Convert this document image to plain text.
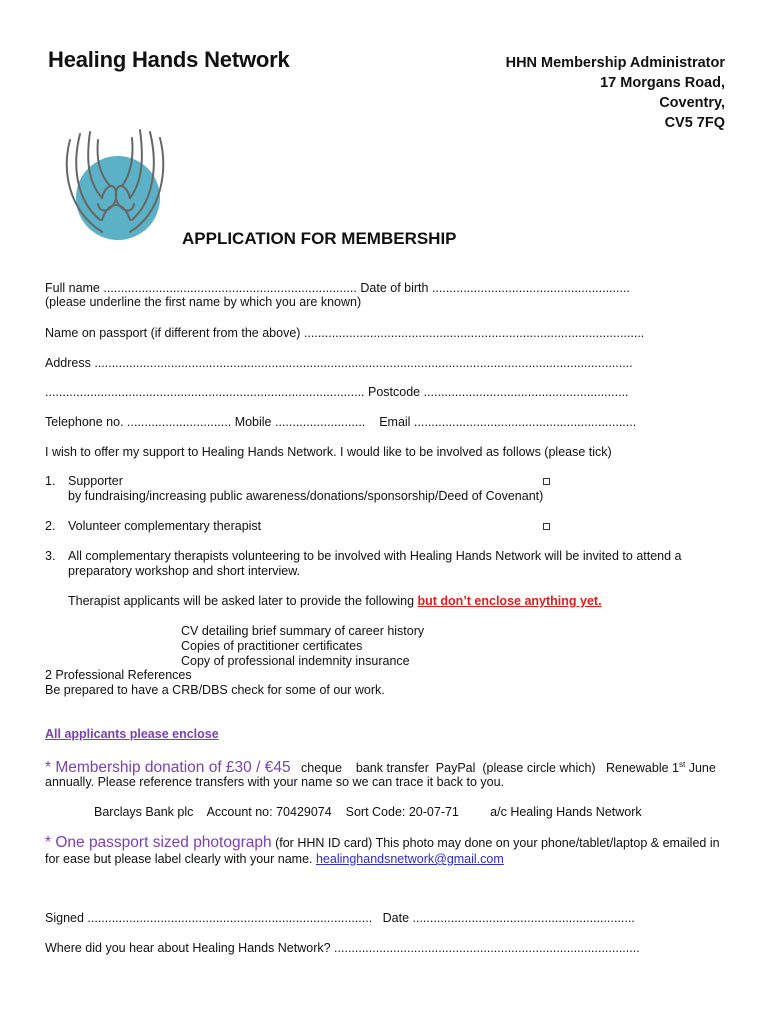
Healing Hands Network	HHN Membership Administrator
17 Morgans Road,
Coventry,
CV5 7FQ
APPLICATION FOR MEMBERSHIP
Full name ......................................................................... Date of birth .........................................................
(please underline the first name by which you are known)
Name on passport (if different from the above) ..................................................................................................
Address ...........................................................................................................................................................
............................................................................................ Postcode ...........................................................
Telephone no. .............................. Mobile .......................... Email ................................................................
I wish to offer my support to Healing Hands Network. I would like to be involved as follows (please tick)
1. Supporter
by fundraising/increasing public awareness/donations/sponsorship/Deed of Covenant)
2. Volunteer complementary therapist
3. All complementary therapists volunteering to be involved with Healing Hands Network will be invited to attend a
preparatory workshop and short interview.
Therapist applicants will be asked later to provide the following but don’t enclose anything yet.
CV detailing brief summary of career history
Copies of practitioner certificates
Copy of professional indemnity insurance
2 Professional References
Be prepared to have a CRB/DBS check for some of our work.
All applicants please enclose
* Membership donation of £30 / €45   cheque    bank transfer  PayPal  (please circle which)   Renewable 1st June
annually. Please reference transfers with your name so we can trace it back to you.
Barclays Bank plc Account no: 70429074 Sort Code: 20-07-71	a/c Healing Hands Network
* One passport sized photograph (for HHN ID card) This photo may done on your phone/tablet/laptop & emailed in
for ease but please label clearly with your name. healinghandsnetwork@gmail.com
Signed .................................................................................. Date ................................................................
Where did you hear about Healing Hands Network? ........................................................................................
